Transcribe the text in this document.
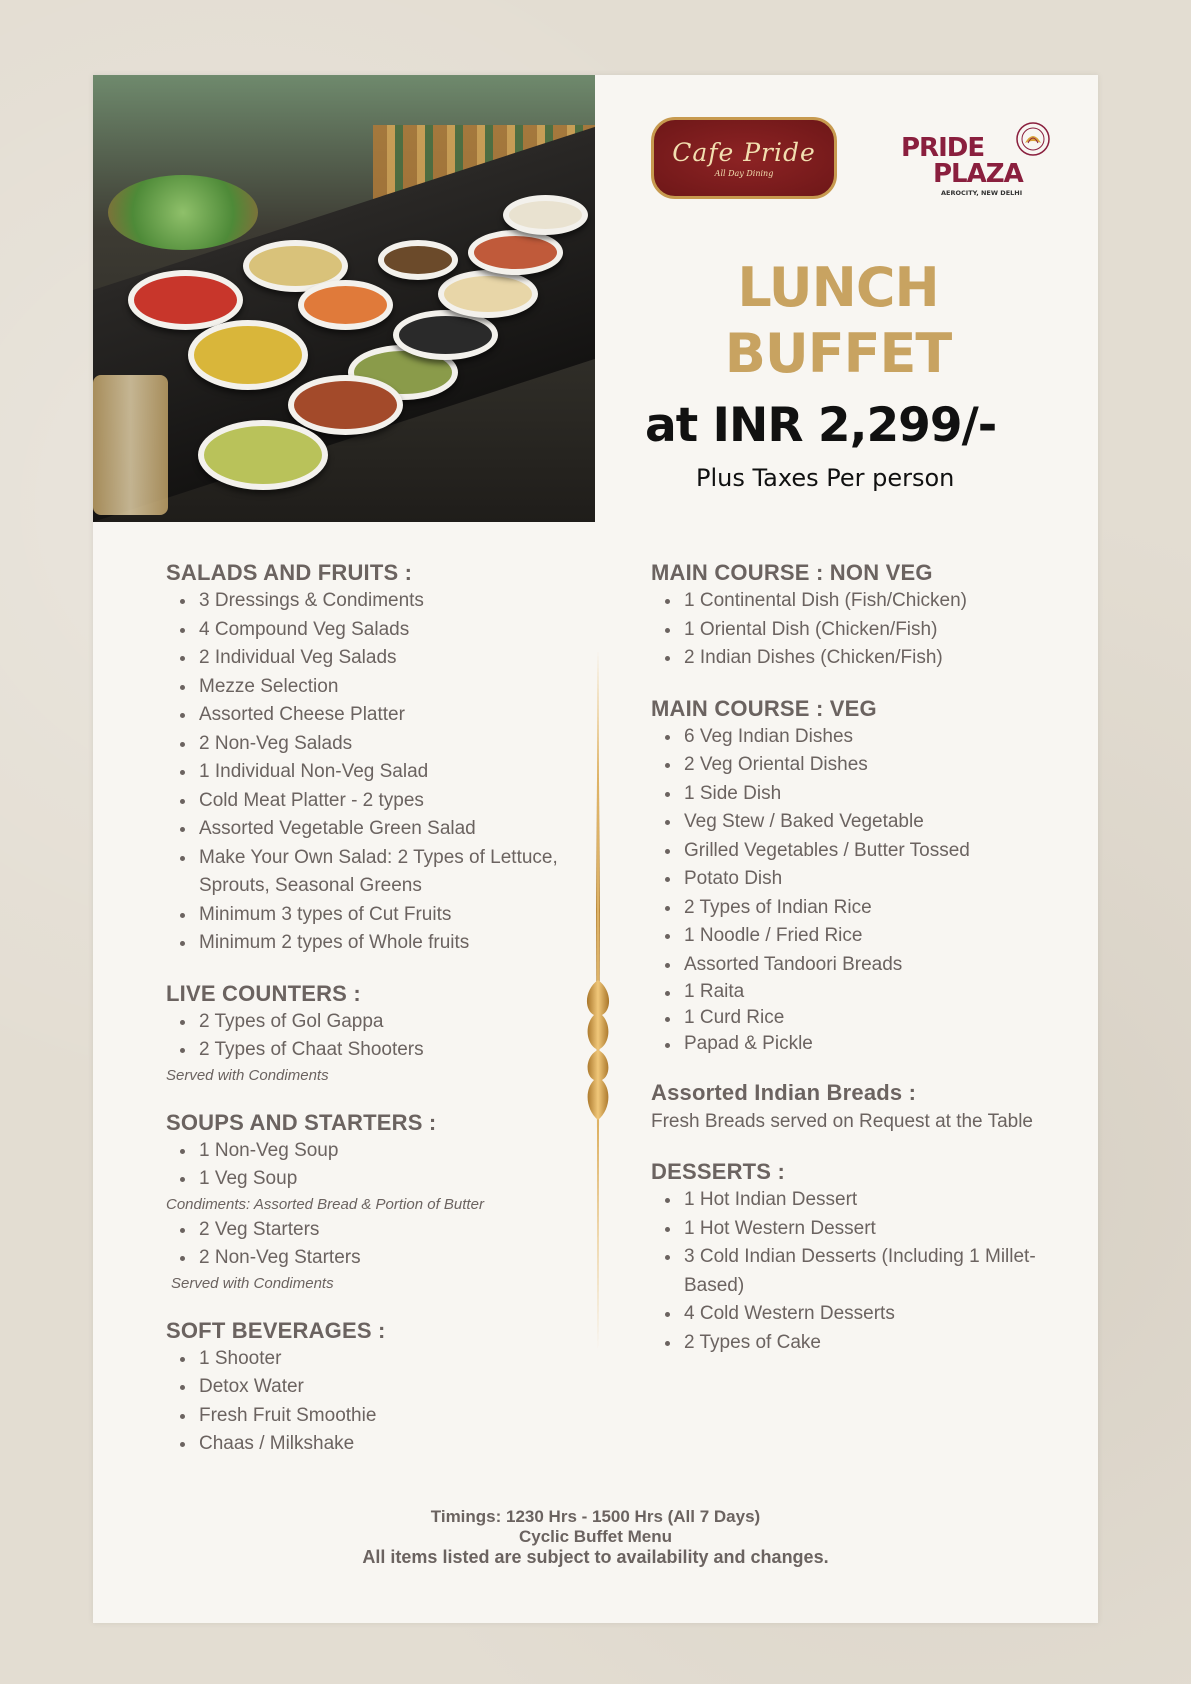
Cafe Pride
All Day Dining
PRIDE
PLAZA
AEROCITY, NEW DELHI
LUNCH
BUFFET
at INR 2,299/-
Plus Taxes Per person
SALADS AND FRUITS :
3 Dressings & Condiments
4 Compound Veg Salads
2 Individual Veg Salads
Mezze Selection
Assorted Cheese Platter
2 Non-Veg Salads
1 Individual Non-Veg Salad
Cold Meat Platter - 2 types
Assorted Vegetable Green Salad
Make Your Own Salad: 2 Types of Lettuce, Sprouts, Seasonal Greens
Minimum 3 types of Cut Fruits
Minimum 2 types of Whole fruits
LIVE COUNTERS :
2 Types of Gol Gappa
2 Types of Chaat Shooters
Served with Condiments
SOUPS AND STARTERS :
1 Non-Veg Soup
1 Veg Soup
Condiments: Assorted Bread & Portion of Butter
2 Veg Starters
2 Non-Veg Starters
Served with Condiments
SOFT BEVERAGES :
1 Shooter
Detox Water
Fresh Fruit Smoothie
Chaas / Milkshake
MAIN COURSE : NON VEG
1 Continental Dish (Fish/Chicken)
1 Oriental Dish (Chicken/Fish)
2 Indian Dishes (Chicken/Fish)
MAIN COURSE : VEG
6 Veg Indian Dishes
2 Veg Oriental Dishes
1 Side Dish
Veg Stew / Baked Vegetable
Grilled Vegetables / Butter Tossed
Potato Dish
2 Types of Indian Rice
1 Noodle / Fried Rice
Assorted Tandoori Breads
1 Raita
1 Curd Rice
Papad & Pickle
Assorted Indian Breads :
Fresh Breads served on Request at the Table
DESSERTS :
1 Hot Indian Dessert
1 Hot Western Dessert
3 Cold Indian Desserts (Including 1 Millet-Based)
4 Cold Western Desserts
2 Types of Cake
Timings: 1230 Hrs - 1500 Hrs (All 7 Days)
Cyclic Buffet Menu
All items listed are subject to availability and changes.
